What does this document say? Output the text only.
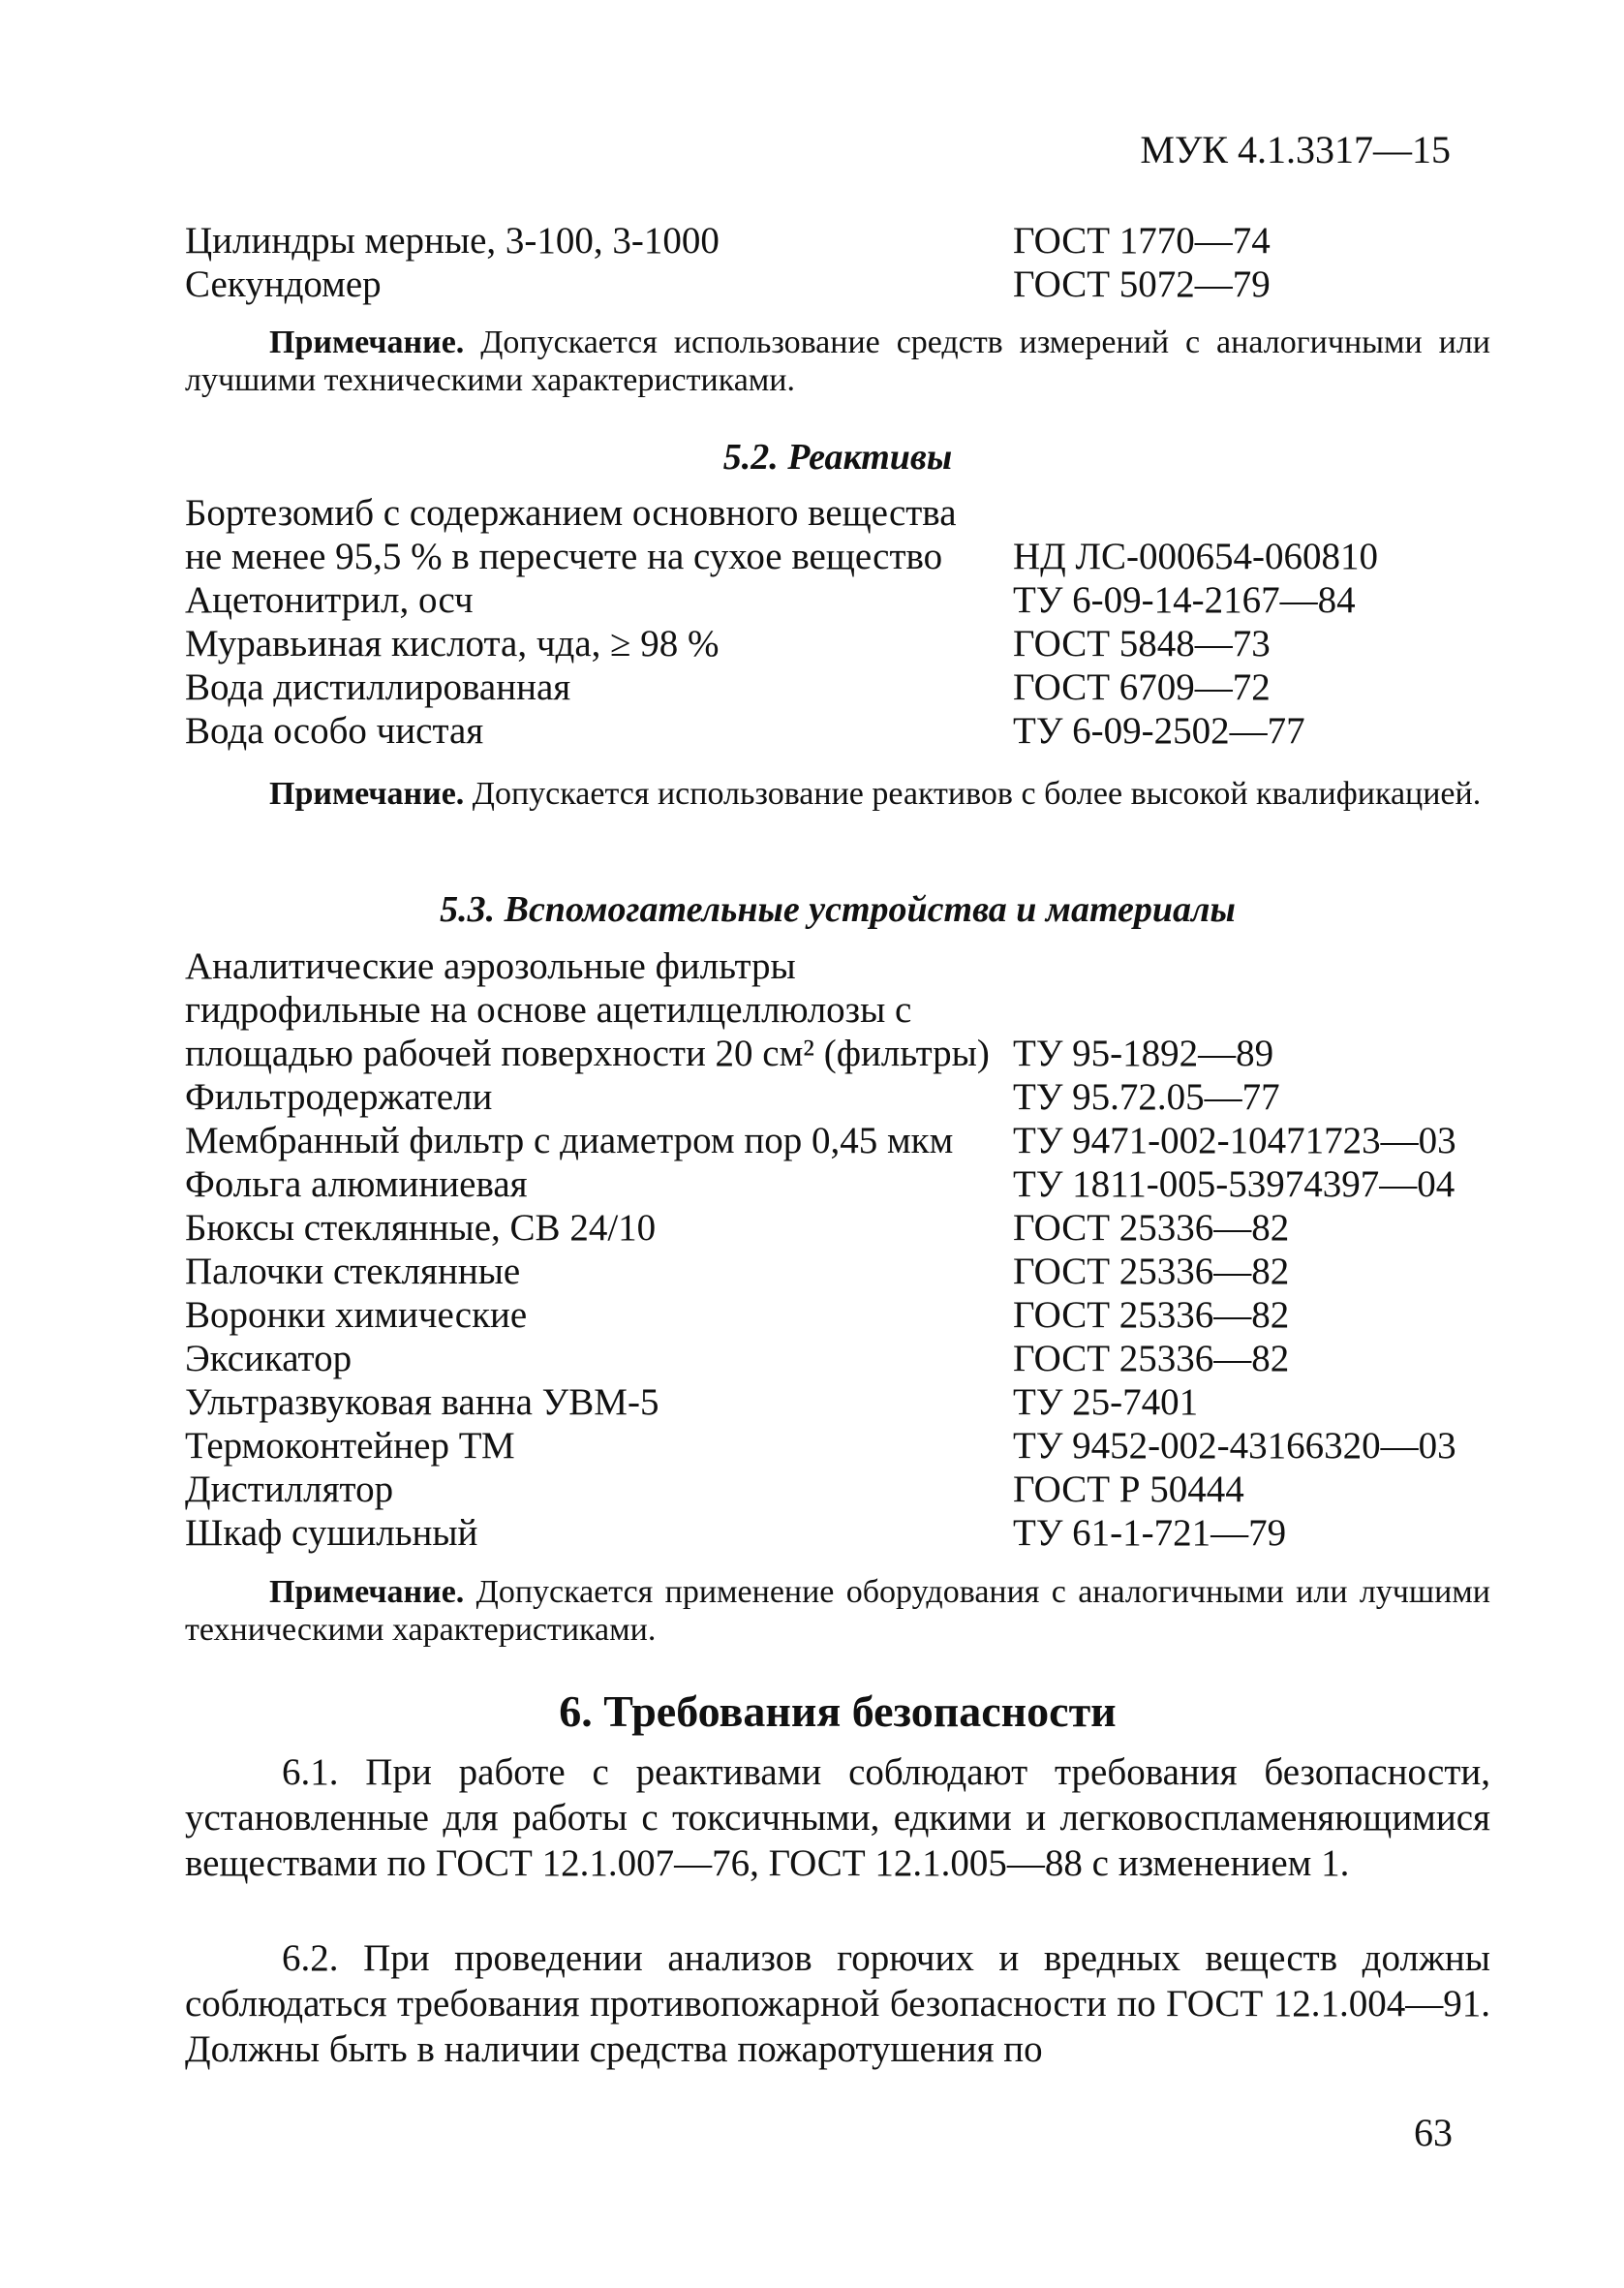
МУК 4.1.3317—15
Цилиндры мерные, 3-100, 3-1000	ГОСТ 1770—74
Секундомер	ГОСТ 5072—79
Примечание. Допускается использование средств измерений с аналогичными или лучшими техническими характеристиками.
5.2. Реактивы
Бортезомиб с содержанием основного вещества
не менее 95,5 % в пересчете на сухое вещество	НД ЛС-000654-060810
Ацетонитрил, осч	ТУ 6-09-14-2167—84
Муравьиная кислота, чда, ≥ 98 %	ГОСТ 5848—73
Вода дистиллированная	ГОСТ 6709—72
Вода особо чистая	ТУ 6-09-2502—77
Примечание. Допускается использование реактивов с более высокой квалификацией.
5.3. Вспомогательные устройства и материалы
Аналитические аэрозольные фильтры
гидрофильные на основе ацетилцеллюлозы с
площадью рабочей поверхности 20 см² (фильтры) ТУ 95-1892—89
Фильтродержатели	ТУ 95.72.05—77
Мембранный фильтр с диаметром пор 0,45 мкм	ТУ 9471-002-10471723—03
Фольга алюминиевая	ТУ 1811-005-53974397—04
Бюксы стеклянные, СВ 24/10	ГОСТ 25336—82
Палочки стеклянные	ГОСТ 25336—82
Воронки химические	ГОСТ 25336—82
Эксикатор	ГОСТ 25336—82
Ультразвуковая ванна УВМ-5	ТУ 25-7401
Термоконтейнер ТМ	ТУ 9452-002-43166320—03
Дистиллятор	ГОСТ Р 50444
Шкаф сушильный	ТУ 61-1-721—79
Примечание. Допускается применение оборудования с аналогичными или лучшими техническими характеристиками.
6. Требования безопасности
6.1. При работе с реактивами соблюдают требования безопасности, установленные для работы с токсичными, едкими и легковоспламеняющимися веществами по ГОСТ 12.1.007—76, ГОСТ 12.1.005—88 с изменением 1.
6.2. При проведении анализов горючих и вредных веществ должны соблюдаться требования противопожарной безопасности по ГОСТ 12.1.004—91. Должны быть в наличии средства пожаротушения по
63
